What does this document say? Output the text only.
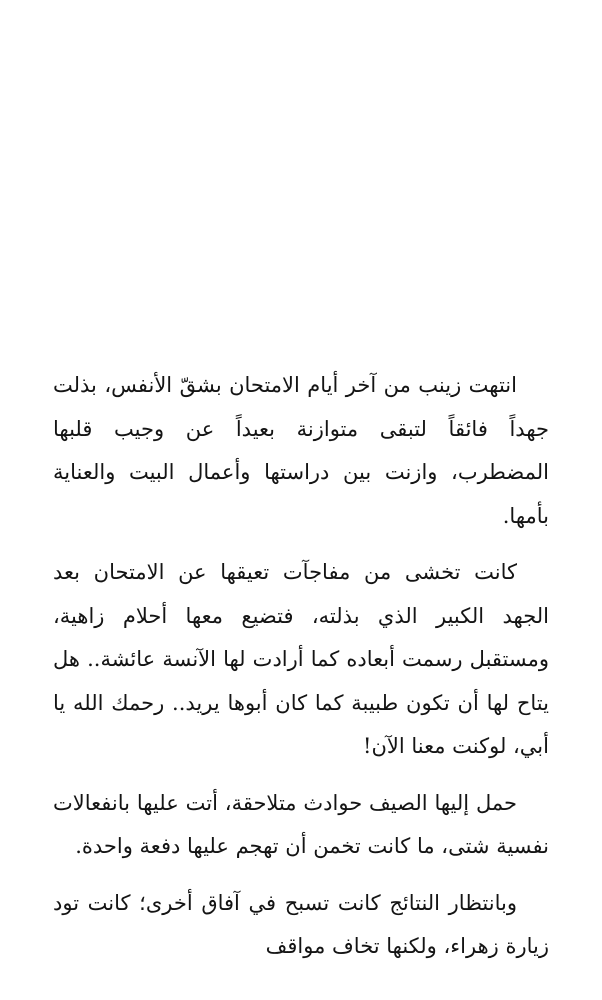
انتهت زينب من آخر أيام الامتحان بشقّ الأنفس، بذلت جهداً فائقاً لتبقى متوازنة بعيداً عن وجيب قلبها المضطرب، وازنت بين دراستها وأعمال البيت والعناية بأمها.

كانت تخشى من مفاجآت تعيقها عن الامتحان بعد الجهد الكبير الذي بذلته، فتضيع معها أحلام زاهية، ومستقبل رسمت أبعاده كما أرادت لها الآنسة عائشة.. هل يتاح لها أن تكون طبيبة كما كان أبوها يريد.. رحمك الله يا أبي، لوكنت معنا الآن!

حمل إليها الصيف حوادث متلاحقة، أتت عليها بانفعالات نفسية شتى، ما كانت تخمن أن تهجم عليها دفعة واحدة.

وبانتظار النتائج كانت تسبح في آفاق أخرى؛ كانت تود زيارة زهراء، ولكنها تخاف مواقف
